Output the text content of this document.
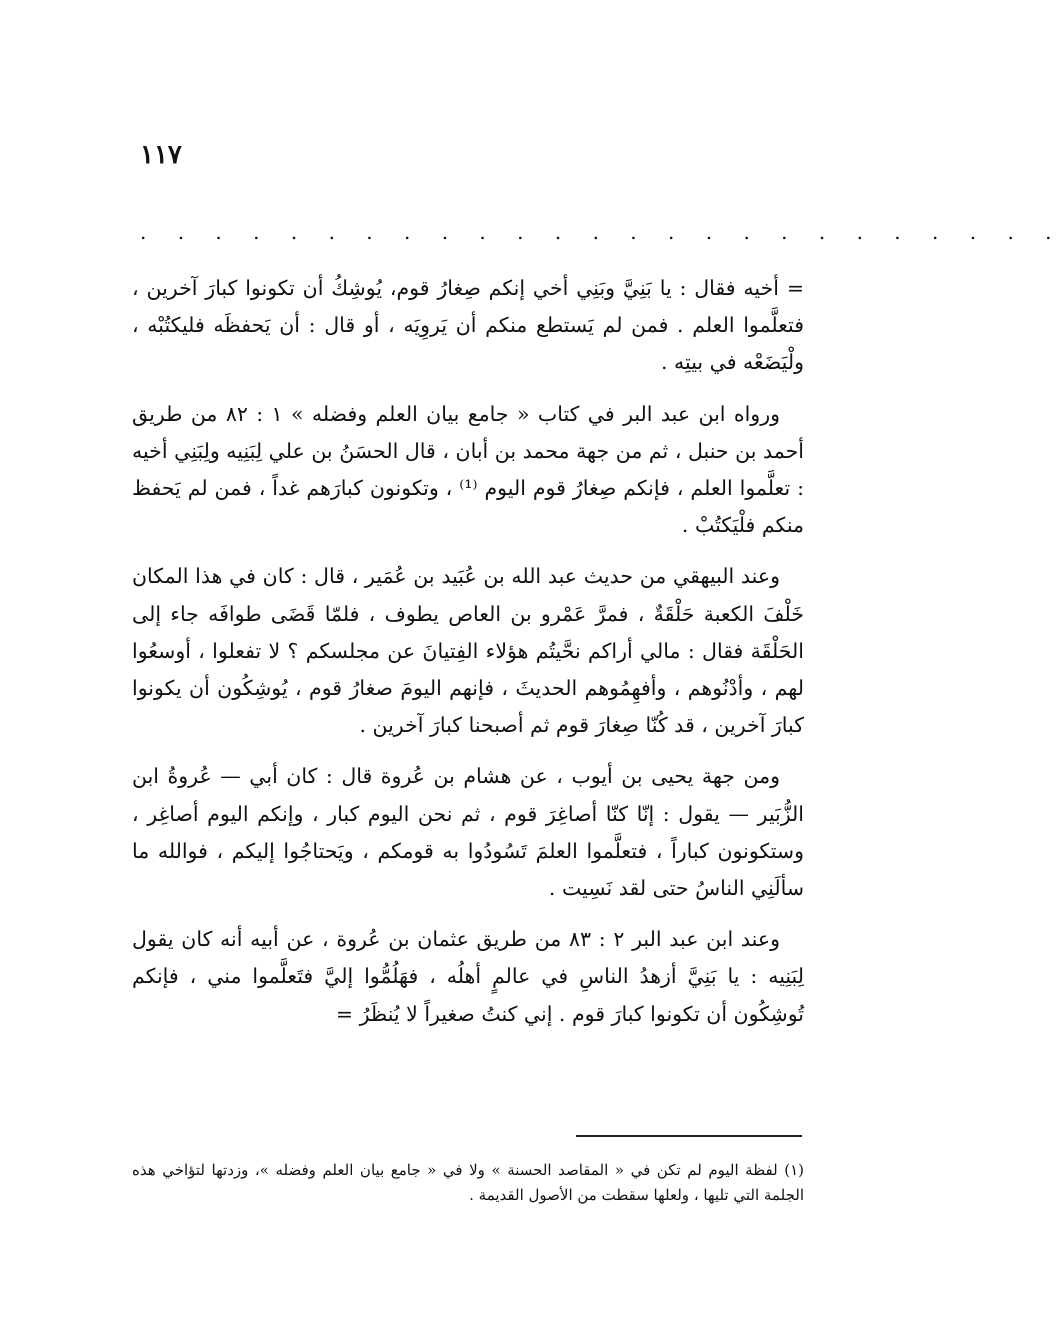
١١٧
. . . . . . . . . . . . . . . . . . . . . . . . .

= أخيه فقال : يا بَنِيَّ وبَنِي أخي إنكم صِغارُ قوم، يُوشِكُ أن تكونوا كبارَ آخرين ، فتعلَّموا العلم . فمن لم يَستطع منكم أن يَروِيَه ، أو قال : أن يَحفظَه فليكتُبْه ، ولْيَضَعْه في بيتِه .

ورواه ابن عبد البر في كتاب « جامع بيان العلم وفضله » ١ : ٨٢ من طريق أحمد بن حنبل ، ثم من جهة محمد بن أبان ، قال الحسَنُ بن علي لِبَنِيه ولِبَنِي أخيه : تعلَّموا العلم ، فإنكم صِغارُ قوم اليوم ⁽¹⁾ ، وتكونون كبارَهم غداً ، فمن لم يَحفظ منكم فلْيَكتُبْ .

وعند البيهقي من حديث عبد الله بن عُبَيد بن عُمَير ، قال : كان في هذا المكان خَلْفَ الكعبة حَلْقَةٌ ، فمرَّ عَمْرو بن العاص يطوف ، فلمّا قَضَى طوافَه جاء إلى الحَلْقَة فقال : مالي أراكم نحَّيتُم هؤلاء الفِتيانَ عن مجلسكم ؟ لا تفعلوا ، أوسعُوا لهم ، وأدْنُوهم ، وأفهِمُوهم الحديثَ ، فإنهم اليومَ صغارُ قوم ، يُوشِكُون أن يكونوا كبارَ آخرين ، قد كُنّا صِغارَ قوم ثم أصبحنا كبارَ آخرين .

ومن جهة يحيى بن أيوب ، عن هشام بن عُروة قال : كان أبي — عُروةُ ابن الزُّبَير — يقول : إنّا كنّا أصاغِرَ قوم ، ثم نحن اليوم كبار ، وإنكم اليوم أصاغِر ، وستكونون كباراً ، فتعلَّموا العلمَ تَسُودُوا به قومكم ، ويَحتاجُوا إليكم ، فوالله ما سألَنِي الناسُ حتى لقد نَسِيت .

وعند ابن عبد البر ٢ : ٨٣ من طريق عثمان بن عُروة ، عن أبيه أنه كان يقول لِبَنِيه : يا بَنِيَّ أزهدُ الناسِ في عالمٍ أهلُه ، فهَلُمُّوا إليَّ فتَعلَّموا مني ، فإنكم تُوشِكُون أن تكونوا كبارَ قوم . إني كنتُ صغيراً لا يُنظَرُ =

(١) لفظة اليوم لم تكن في « المقاصد الحسنة » ولا في « جامع بيان العلم وفضله »، وزدتها لتؤاخي هذه الجلمة التي تليها ، ولعلها سقطت من الأصول القديمة .
